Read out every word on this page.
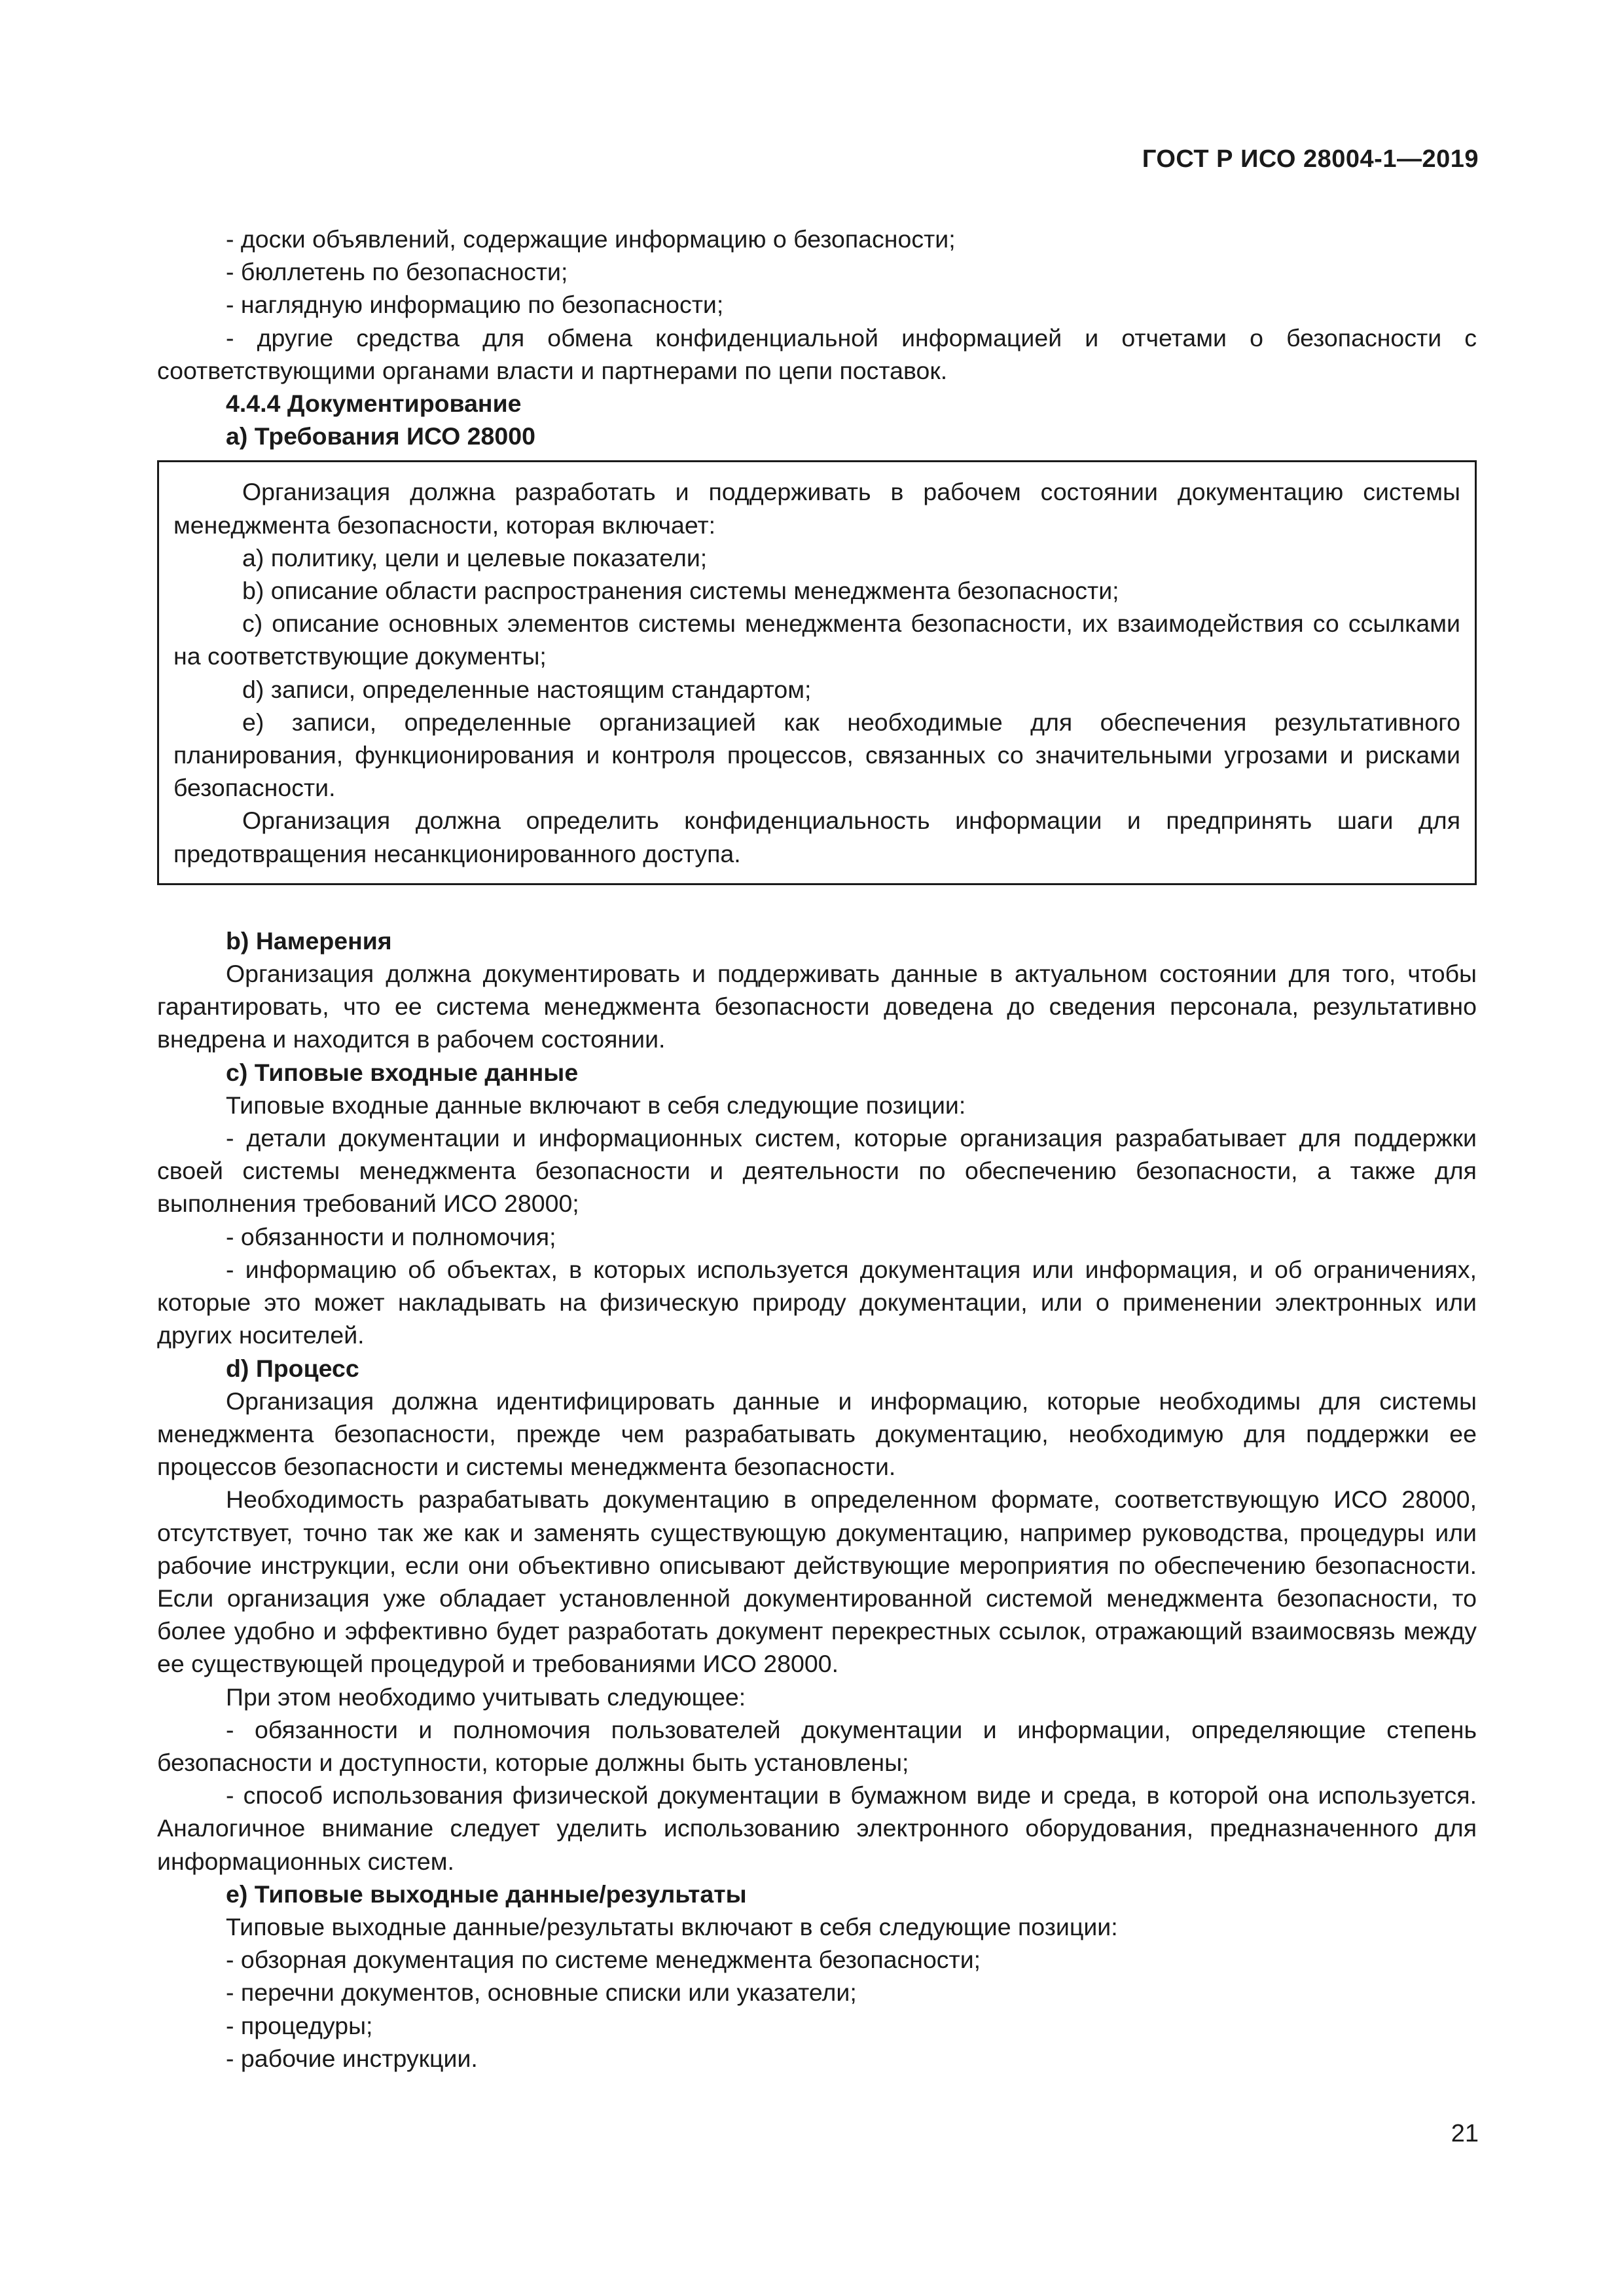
ГОСТ Р ИСО 28004-1—2019

- доски объявлений, содержащие информацию о безопасности;

- бюллетень по безопасности;

- наглядную информацию по безопасности;

- другие средства для обмена конфиденциальной информацией и отчетами о безопасности с соответствующими органами власти и партнерами по цепи поставок.

4.4.4 Документирование

а) Требования ИСО 28000

Организация должна разработать и поддерживать в рабочем состоянии документацию системы менеджмента безопасности, которая включает:

а) политику, цели и целевые показатели;

b) описание области распространения системы менеджмента безопасности;

c) описание основных элементов системы менеджмента безопасности, их взаимодействия со ссылками на соответствующие документы;

d) записи, определенные настоящим стандартом;

e) записи, определенные организацией как необходимые для обеспечения результативного планирования, функционирования и контроля процессов, связанных со значительными угрозами и рисками безопасности.

Организация должна определить конфиденциальность информации и предпринять шаги для предотвращения несанкционированного доступа.

b) Намерения

Организация должна документировать и поддерживать данные в актуальном состоянии для того, чтобы гарантировать, что ее система менеджмента безопасности доведена до сведения персонала, результативно внедрена и находится в рабочем состоянии.

c) Типовые входные данные

Типовые входные данные включают в себя следующие позиции:

- детали документации и информационных систем, которые организация разрабатывает для поддержки своей системы менеджмента безопасности и деятельности по обеспечению безопасности, а также для выполнения требований ИСО 28000;

- обязанности и полномочия;

- информацию об объектах, в которых используется документация или информация, и об ограничениях, которые это может накладывать на физическую природу документации, или о применении электронных или других носителей.

d) Процесс

Организация должна идентифицировать данные и информацию, которые необходимы для системы менеджмента безопасности, прежде чем разрабатывать документацию, необходимую для поддержки ее процессов безопасности и системы менеджмента безопасности.

Необходимость разрабатывать документацию в определенном формате, соответствующую ИСО 28000, отсутствует, точно так же как и заменять существующую документацию, например руководства, процедуры или рабочие инструкции, если они объективно описывают действующие мероприятия по обеспечению безопасности. Если организация уже обладает установленной документированной системой менеджмента безопасности, то более удобно и эффективно будет разработать документ перекрестных ссылок, отражающий взаимосвязь между ее существующей процедурой и требованиями ИСО 28000.

При этом необходимо учитывать следующее:

- обязанности и полномочия пользователей документации и информации, определяющие степень безопасности и доступности, которые должны быть установлены;

- способ использования физической документации в бумажном виде и среда, в которой она используется. Аналогичное внимание следует уделить использованию электронного оборудования, предназначенного для информационных систем.

e) Типовые выходные данные/результаты

Типовые выходные данные/результаты включают в себя следующие позиции:

- обзорная документация по системе менеджмента безопасности;

- перечни документов, основные списки или указатели;

- процедуры;

- рабочие инструкции.

21
